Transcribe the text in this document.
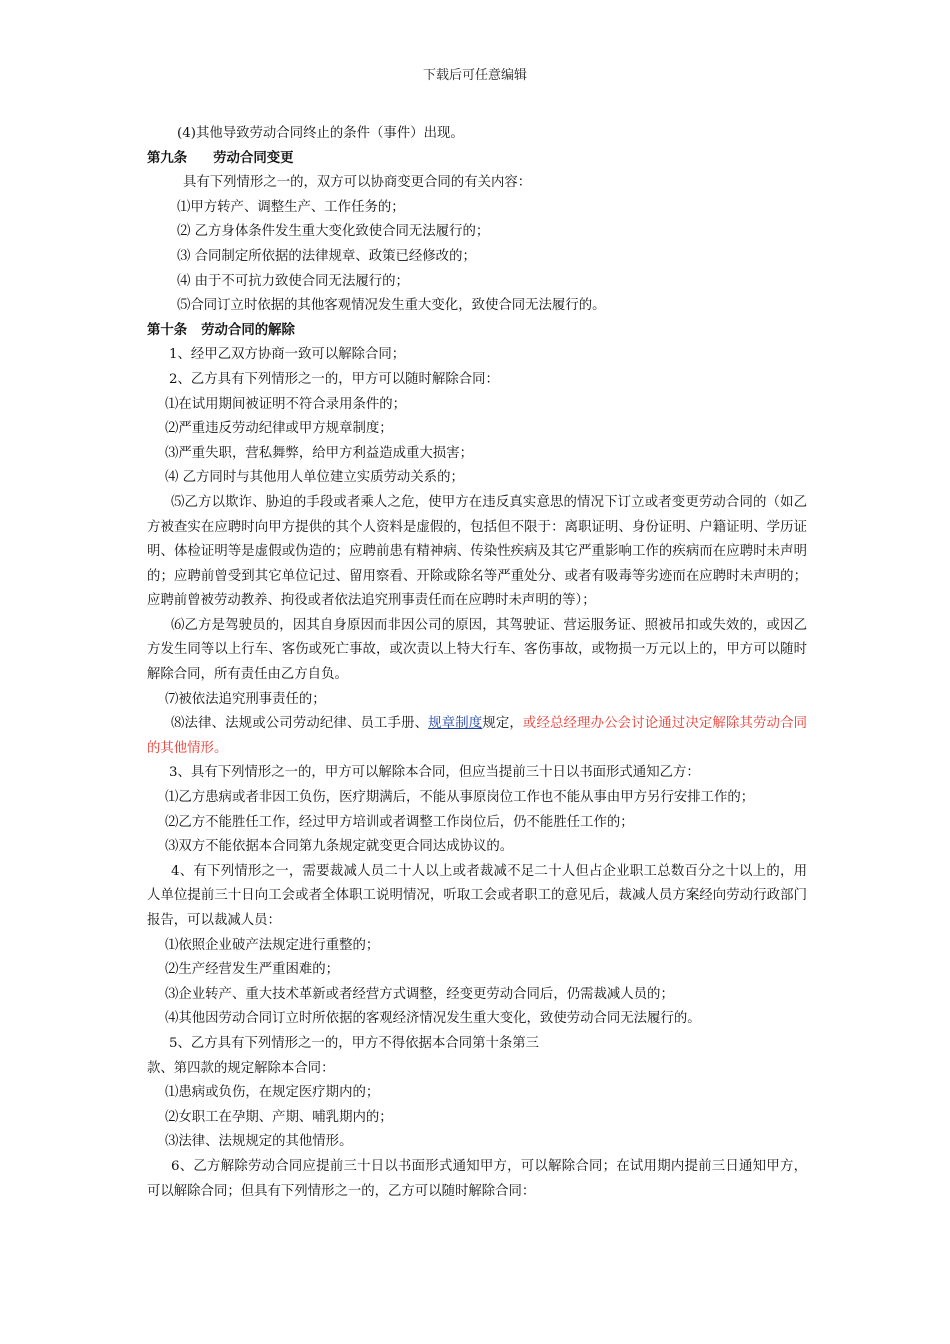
下载后可任意编辑

(4)其他导致劳动合同终止的条件（事件）出现。

第九条 劳动合同变更

具有下列情形之一的，双方可以协商变更合同的有关内容：

⑴甲方转产、调整生产、工作任务的；

⑵ 乙方身体条件发生重大变化致使合同无法履行的；

⑶ 合同制定所依据的法律规章、政策已经修改的；

⑷ 由于不可抗力致使合同无法履行的；

⑸合同订立时依据的其他客观情况发生重大变化，致使合同无法履行的。

第十条   劳动合同的解除

1、经甲乙双方协商一致可以解除合同；

2、乙方具有下列情形之一的，甲方可以随时解除合同：

⑴在试用期间被证明不符合录用条件的；

⑵严重违反劳动纪律或甲方规章制度；

⑶严重失职，营私舞弊，给甲方利益造成重大损害；

⑷ 乙方同时与其他用人单位建立实质劳动关系的；

⑸乙方以欺诈、胁迫的手段或者乘人之危，使甲方在违反真实意思的情况下订立或者变更劳动合同的（如乙方被查实在应聘时向甲方提供的其个人资料是虚假的，包括但不限于：离职证明、身份证明、户籍证明、学历证明、体检证明等是虚假或伪造的；应聘前患有精神病、传染性疾病及其它严重影响工作的疾病而在应聘时未声明的；应聘前曾受到其它单位记过、留用察看、开除或除名等严重处分、或者有吸毒等劣迹而在应聘时未声明的；应聘前曾被劳动教养、拘役或者依法追究刑事责任而在应聘时未声明的等）；

⑹乙方是驾驶员的，因其自身原因而非因公司的原因，其驾驶证、营运服务证、照被吊扣或失效的，或因乙方发生同等以上行车、客伤或死亡事故，或次责以上特大行车、客伤事故，或物损一万元以上的，甲方可以随时解除合同，所有责任由乙方自负。

⑺被依法追究刑事责任的；

⑻法律、法规或公司劳动纪律、员工手册、规章制度规定，或经总经理办公会讨论通过决定解除其劳动合同的其他情形。

3、具有下列情形之一的，甲方可以解除本合同，但应当提前三十日以书面形式通知乙方：

⑴乙方患病或者非因工负伤，医疗期满后，不能从事原岗位工作也不能从事由甲方另行安排工作的；

⑵乙方不能胜任工作，经过甲方培训或者调整工作岗位后，仍不能胜任工作的；

⑶双方不能依据本合同第九条规定就变更合同达成协议的。

4、有下列情形之一，需要裁减人员二十人以上或者裁减不足二十人但占企业职工总数百分之十以上的，用人单位提前三十日向工会或者全体职工说明情况，听取工会或者职工的意见后，裁减人员方案经向劳动行政部门报告，可以裁减人员：

⑴依照企业破产法规定进行重整的；

⑵生产经营发生严重困难的；

⑶企业转产、重大技术革新或者经营方式调整，经变更劳动合同后，仍需裁减人员的；

⑷其他因劳动合同订立时所依据的客观经济情况发生重大变化，致使劳动合同无法履行的。

5、乙方具有下列情形之一的，甲方不得依据本合同第十条第三

款、第四款的规定解除本合同：

⑴患病或负伤，在规定医疗期内的；

⑵女职工在孕期、产期、哺乳期内的；

⑶法律、法规规定的其他情形。

6、乙方解除劳动合同应提前三十日以书面形式通知甲方，可以解除合同；在试用期内提前三日通知甲方，可以解除合同；但具有下列情形之一的，乙方可以随时解除合同：
